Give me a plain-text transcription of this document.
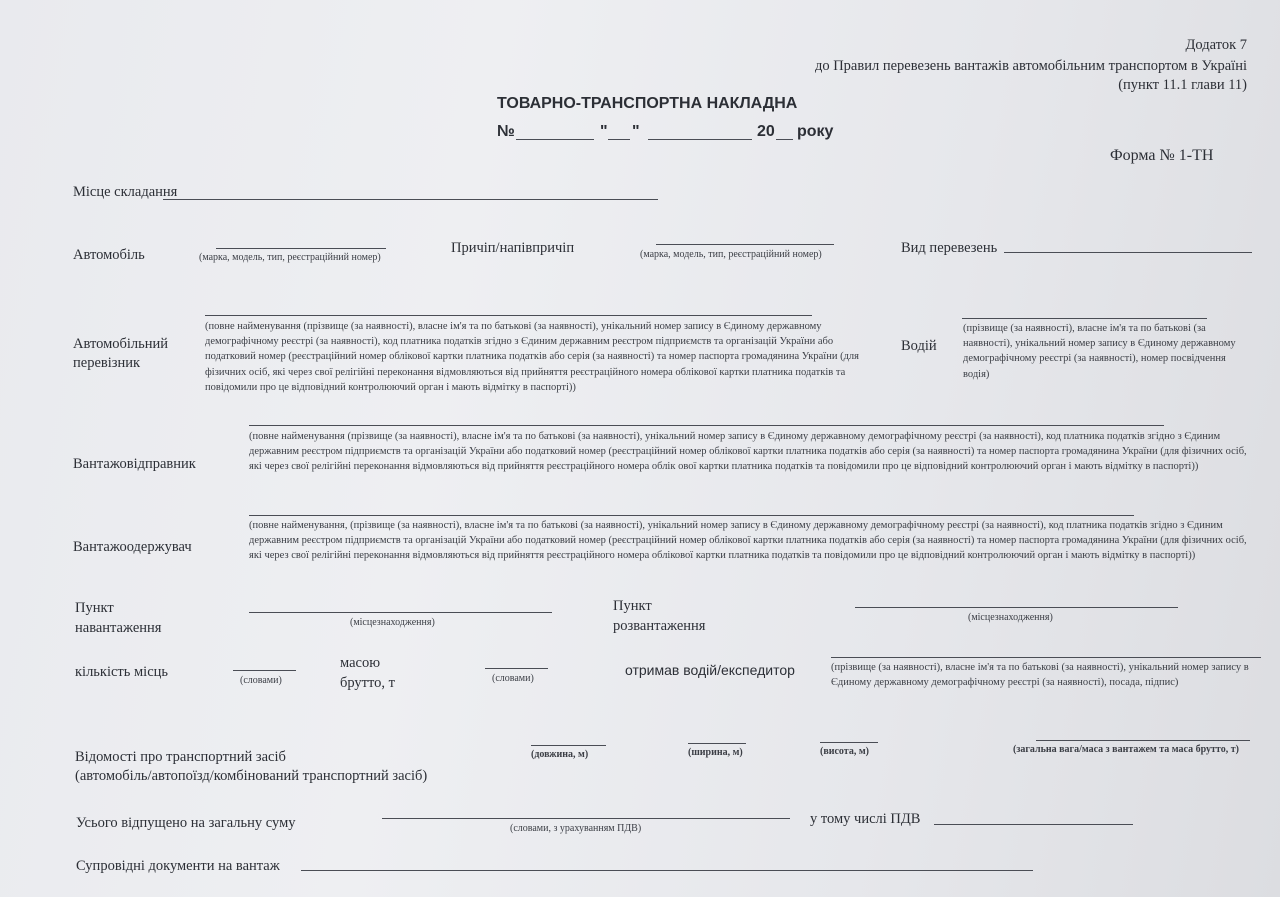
Додаток 7
до Правил перевезень вантажів автомобільним транспортом в Україні
(пункт 11.1 глави 11)
ТОВАРНО-ТРАНСПОРТНА НАКЛАДНА
№	" "	20 року
Форма № 1-ТН
Місце складання
Автомобіль	(марка, модель, тип, реєстраційний номер)
Причіп/напівпричіп	(марка, модель, тип, реєстраційний номер)	Вид перевезень
Автомобільний
перевізник
(повне найменування (прізвище (за наявності), власне ім'я та по батькові (за наявності), унікальний номер запису в Єдиному державному демографічному реєстрі (за наявності), код платника податків згідно з Єдиним державним реєстром підприємств та організацій України або податковий номер (реєстраційний номер облікової картки платника податків або серія (за наявності) та номер паспорта громадянина України (для фізичних осіб, які через свої релігійні переконання відмовляються від прийняття реєстраційного номера облікової картки платника податків та повідомили про це відповідний контролюючий орган і мають відмітку в паспорті))
Водій
(прізвище (за наявності), власне ім'я та по батькові (за наявності), унікальний номер запису в Єдиному державному демографічному реєстрі (за наявності), номер посвідчення водія)
Вантажовідправник
(повне найменування (прізвище (за наявності), власне ім'я та по батькові (за наявності), унікальний номер запису в Єдиному державному демографічному реєстрі (за наявності), код платника податків згідно з Єдиним державним реєстром підприємств та організацій України або податковий номер (реєстраційний номер облікової картки платника податків або серія (за наявності) та номер паспорта громадянина України (для фізичних осіб, які через свої релігійні переконання відмовляються від прийняття реєстраційного номера облік ової картки платника податків та повідомили про це відповідний контролюючий орган і мають відмітку в паспорті))
Вантажоодержувач
(повне найменування, (прізвище (за наявності), власне ім'я та по батькові (за наявності), унікальний номер запису в Єдиному державному демографічному реєстрі (за наявності), код платника податків згідно з Єдиним державним реєстром підприємств та організацій України або податковий номер (реєстраційний номер облікової картки платника податків або серія (за наявності) та номер паспорта громадянина України (для фізичних осіб, які через свої релігійні переконання відмовляються від прийняття реєстраційного номера облікової картки платника податків та повідомили про це відповідний контролюючий орган і мають відмітку в паспорті))
Пункт
навантаження	(місцезнаходження)
Пункт
розвантаження
(місцезнаходження)
кількість місць
(словами)
масою
брутто, т	(словами)
отримав водій/експедитор	(прізвище (за наявності), власне ім'я та по батькові (за наявності), унікальний номер запису в Єдиному державному демографічному реєстрі (за наявності), посада, підпис)
Відомості про транспортний засіб
(автомобіль/автопоїзд/комбінований транспортний засіб)
(довжина, м)	(ширина, м)	(висота, м)	(загальна вага/маса з вантажем та маса брутто, т)
Усього відпущено на загальну суму	(словами, з урахуванням ПДВ)
у тому числі ПДВ
Супровідні документи на вантаж
